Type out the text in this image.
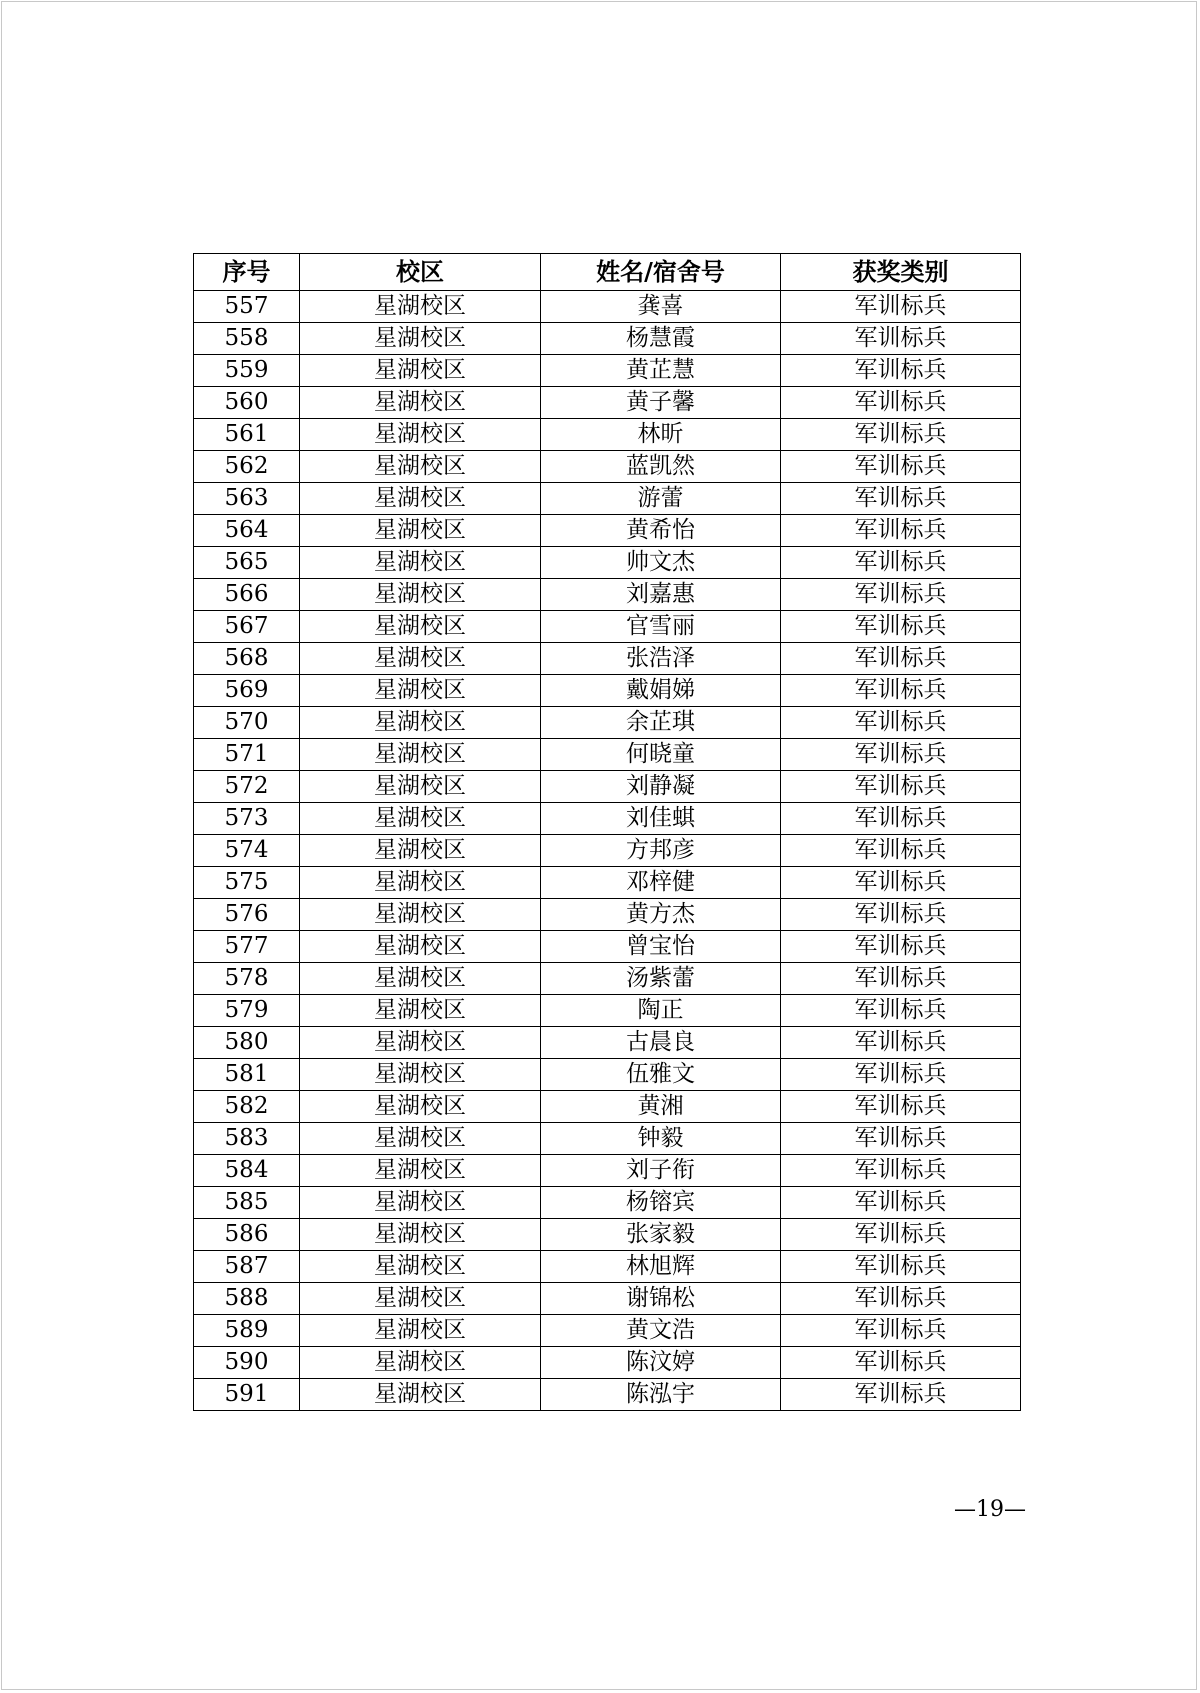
序号	校区	姓名/宿舍号	获奖类别
557	星湖校区	龚喜	军训标兵
558	星湖校区	杨慧霞	军训标兵
559	星湖校区	黄芷慧	军训标兵
560	星湖校区	黄子馨	军训标兵
561	星湖校区	林昕	军训标兵
562	星湖校区	蓝凯然	军训标兵
563	星湖校区	游蕾	军训标兵
564	星湖校区	黄希怡	军训标兵
565	星湖校区	帅文杰	军训标兵
566	星湖校区	刘嘉惠	军训标兵
567	星湖校区	官雪丽	军训标兵
568	星湖校区	张浩泽	军训标兵
569	星湖校区	戴娟娣	军训标兵
570	星湖校区	余芷琪	军训标兵
571	星湖校区	何晓童	军训标兵
572	星湖校区	刘静凝	军训标兵
573	星湖校区	刘佳蜞	军训标兵
574	星湖校区	方邦彦	军训标兵
575	星湖校区	邓梓健	军训标兵
576	星湖校区	黄方杰	军训标兵
577	星湖校区	曾宝怡	军训标兵
578	星湖校区	汤紫蕾	军训标兵
579	星湖校区	陶正	军训标兵
580	星湖校区	古晨良	军训标兵
581	星湖校区	伍雅文	军训标兵
582	星湖校区	黄湘	军训标兵
583	星湖校区	钟毅	军训标兵
584	星湖校区	刘子衔	军训标兵
585	星湖校区	杨镕宾	军训标兵
586	星湖校区	张家毅	军训标兵
587	星湖校区	林旭辉	军训标兵
588	星湖校区	谢锦松	军训标兵
589	星湖校区	黄文浩	军训标兵
590	星湖校区	陈汶婷	军训标兵
591	星湖校区	陈泓宇	军训标兵
—19—
